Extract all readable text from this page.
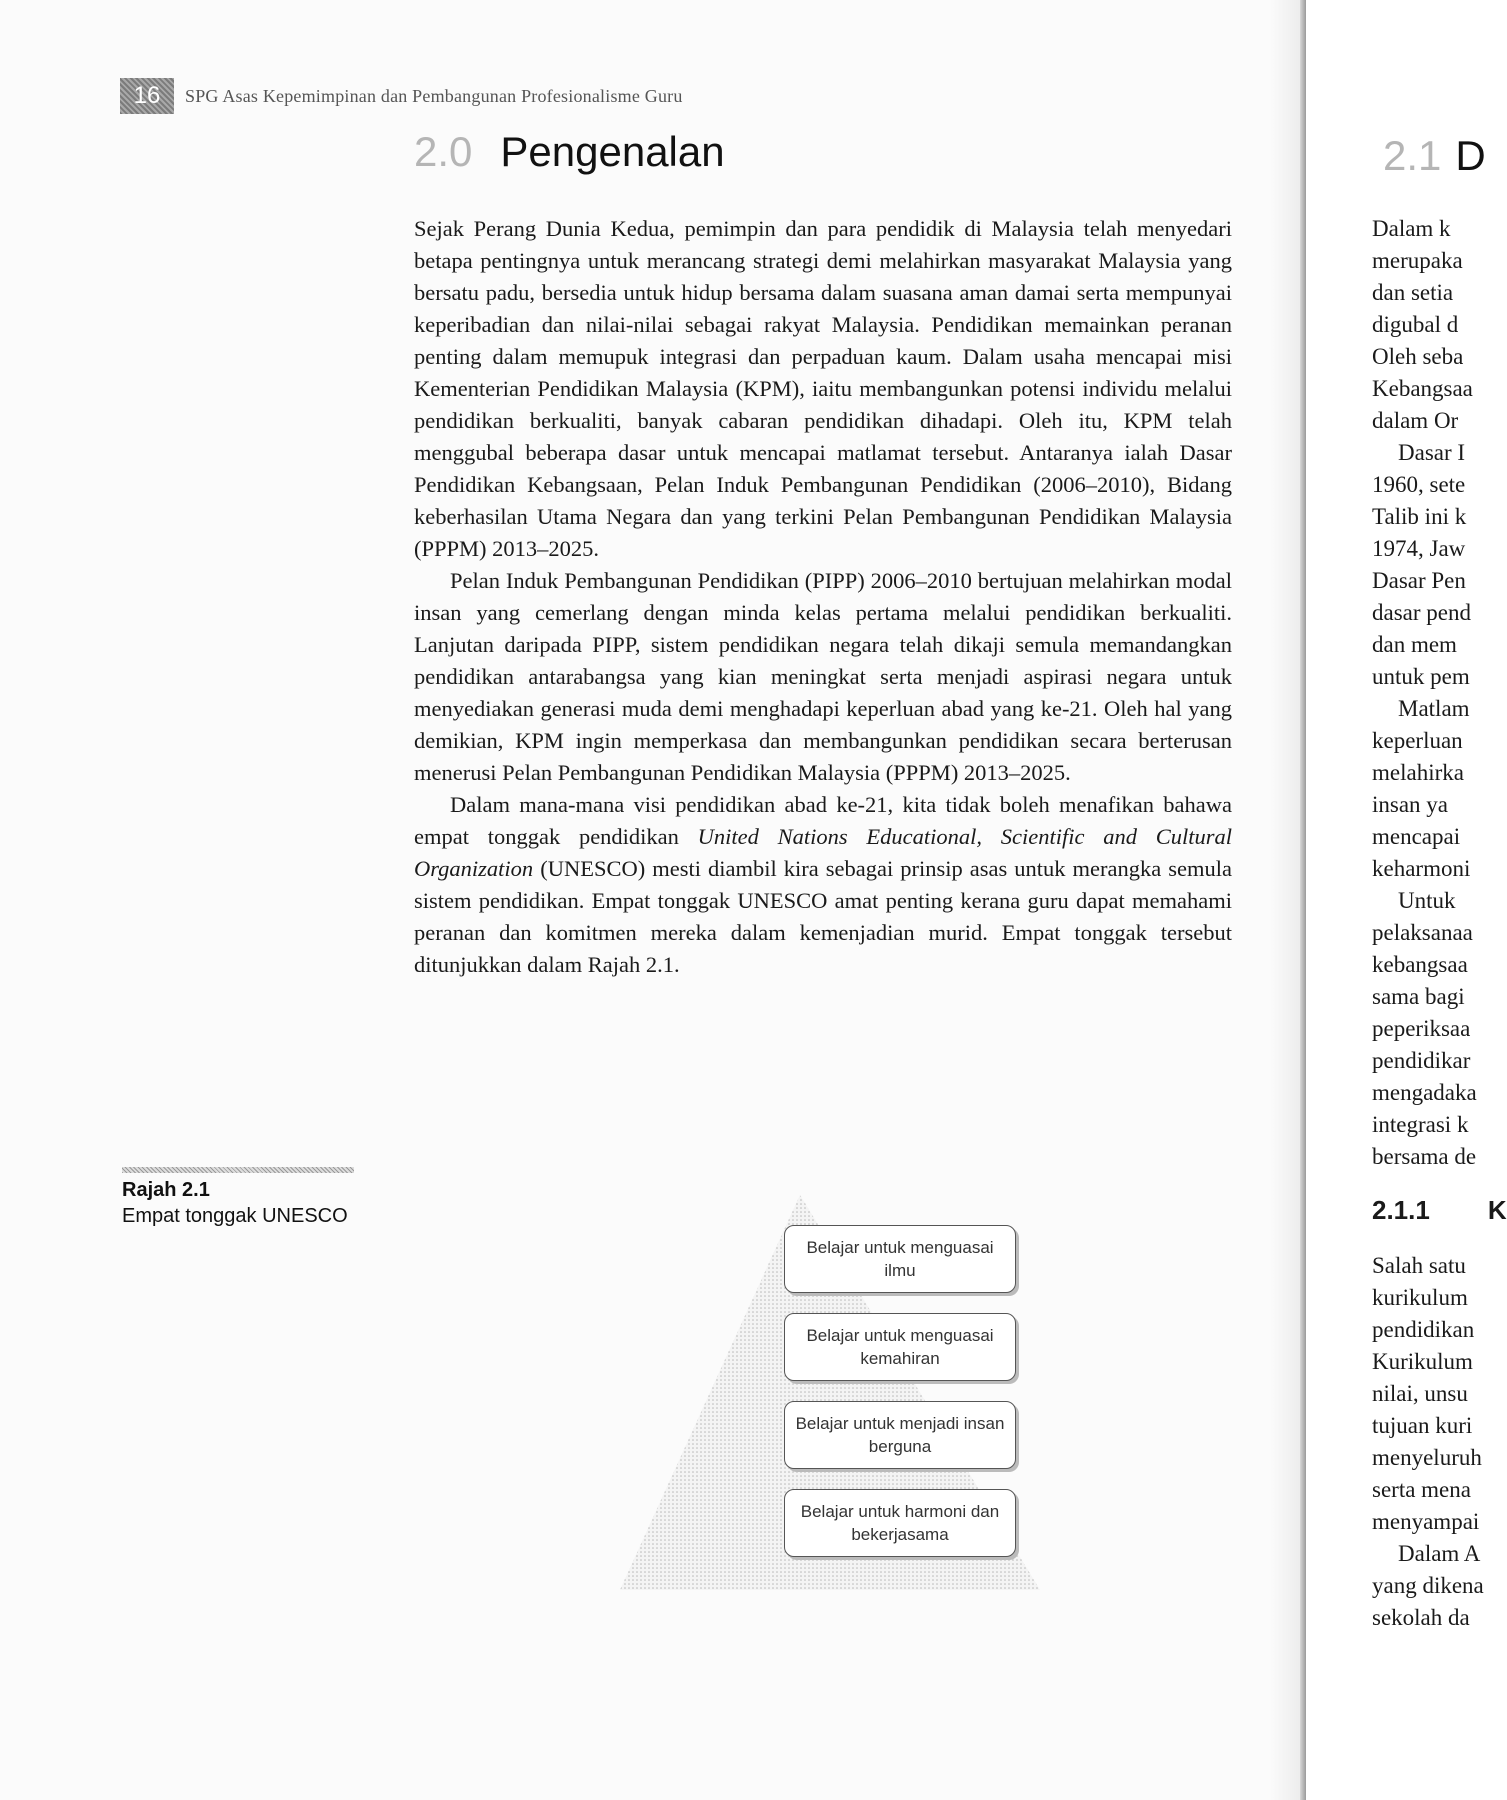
16	SPG Asas Kepemimpinan dan Pembangunan Profesionalisme Guru
2.0 Pengenalan

Sejak Perang Dunia Kedua, pemimpin dan para pendidik di Malaysia telah menyedari betapa pentingnya untuk merancang strategi demi melahirkan masyarakat Malaysia yang bersatu padu, bersedia untuk hidup bersama dalam suasana aman damai serta mempunyai keperibadian dan nilai-nilai sebagai rakyat Malaysia. Pendidikan memainkan peranan penting dalam memupuk integrasi dan perpaduan kaum. Dalam usaha mencapai misi Kementerian Pendidikan Malaysia (KPM), iaitu membangunkan potensi individu melalui pendidikan berkualiti, banyak cabaran pendidikan dihadapi. Oleh itu, KPM telah menggubal beberapa dasar untuk mencapai matlamat tersebut. Antaranya ialah Dasar Pendidikan Kebangsaan, Pelan Induk Pembangunan Pendidikan (2006–2010), Bidang keberhasilan Utama Negara dan yang terkini Pelan Pembangunan Pendidikan Malaysia (PPPM) 2013–2025.

Pelan Induk Pembangunan Pendidikan (PIPP) 2006–2010 bertujuan melahirkan modal insan yang cemerlang dengan minda kelas pertama melalui pendidikan berkualiti. Lanjutan daripada PIPP, sistem pendidikan negara telah dikaji semula memandangkan pendidikan antarabangsa yang kian meningkat serta menjadi aspirasi negara untuk menyediakan generasi muda demi menghadapi keperluan abad yang ke-21. Oleh hal yang demikian, KPM ingin memperkasa dan membangunkan pendidikan secara berterusan menerusi Pelan Pembangunan Pendidikan Malaysia (PPPM) 2013–2025.

Dalam mana-mana visi pendidikan abad ke-21, kita tidak boleh menafikan bahawa empat tonggak pendidikan United Nations Educational, Scientific and Cultural Organization (UNESCO) mesti diambil kira sebagai prinsip asas untuk merangka semula sistem pendidikan. Empat tonggak UNESCO amat penting kerana guru dapat memahami peranan dan komitmen mereka dalam kemenjadian murid. Empat tonggak tersebut ditunjukkan dalam Rajah 2.1.

Rajah 2.1
Empat tonggak UNESCO
Belajar untuk menguasai ilmu
Belajar untuk menguasai kemahiran
Belajar untuk menjadi insan berguna
Belajar untuk harmoni dan bekerjasama
2.1 D
Dalam k
merupaka
dan setia
digubal d
Oleh seba
Kebangsaa
dalam Or
Dasar I
1960, sete
Talib ini k
1974, Jaw
Dasar Pen
dasar pend
dan mem
untuk pem
Matlam
keperluan
melahirka
insan ya
mencapai
keharmoni
Untuk
pelaksanaa
kebangsaa
sama bagi
peperiksaa
pendidikar
mengadaka
integrasi k
bersama de
2.1.1 K
Salah satu
kurikulum
pendidikan
Kurikulum
nilai, unsu
tujuan kuri
menyeluruh
serta mena
menyampai
Dalam A
yang dikena
sekolah da
